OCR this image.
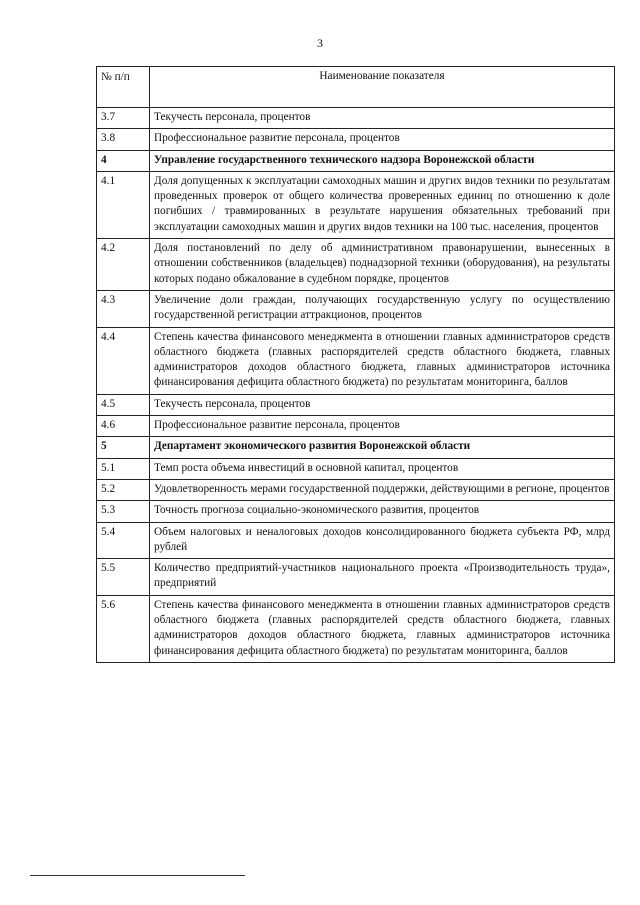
3
№ п/п	Наименование показателя
3.7	Текучесть персонала, процентов
3.8	Профессиональное развитие персонала, процентов
4	Управление государственного технического надзора Воронежской области
4.1	Доля допущенных к эксплуатации самоходных машин и других видов техники по результатам проведенных проверок от общего количества проверенных единиц по отношению к доле погибших / травмированных в результате нарушения обязательных требований при эксплуатации самоходных машин и других видов техники на 100 тыс. населения, процентов
4.2	Доля постановлений по делу об административном правонарушении, вынесенных в отношении собственников (владельцев) поднадзорной техники (оборудования), на результаты которых подано обжалование в судебном порядке, процентов
4.3	Увеличение доли граждан, получающих государственную услугу по осуществлению государственной регистрации аттракционов, процентов
4.4	Степень качества финансового менеджмента в отношении главных администраторов средств областного бюджета (главных распорядителей средств областного бюджета, главных администраторов доходов областного бюджета, главных администраторов источника финансирования дефицита областного бюджета) по результатам мониторинга, баллов
4.5	Текучесть персонала, процентов
4.6	Профессиональное развитие персонала, процентов
5	Департамент экономического развития Воронежской области
5.1	Темп роста объема инвестиций в основной капитал, процентов
5.2	Удовлетворенность мерами государственной поддержки, действующими в регионе, процентов
5.3	Точность прогноза социально-экономического развития, процентов
5.4	Объем налоговых и неналоговых доходов консолидированного бюджета субъекта РФ, млрд рублей
5.5	Количество предприятий-участников национального проекта «Производительность труда», предприятий
5.6	Степень качества финансового менеджмента в отношении главных администраторов средств областного бюджета (главных распорядителей средств областного бюджета, главных администраторов доходов областного бюджета, главных администраторов источника финансирования дефицита областного бюджета) по результатам мониторинга, баллов
